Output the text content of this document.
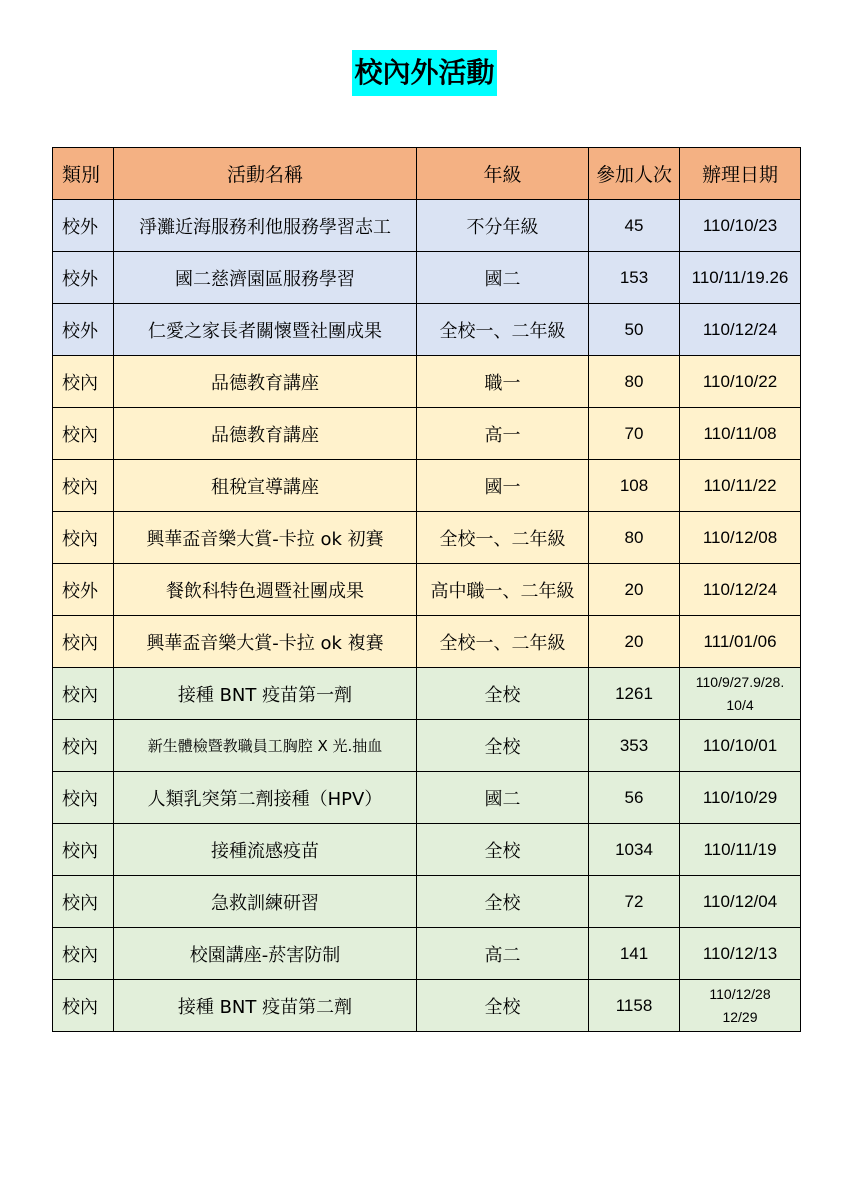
校內外活動
類別	活動名稱	年級	參加人次	辦理日期
校外	淨灘近海服務利他服務學習志工	不分年級	45	110/10/23
校外	國二慈濟園區服務學習	國二	153	110/11/19.26
校外	仁愛之家長者關懷暨社團成果	全校一、二年級	50	110/12/24
校內	品德教育講座	職一	80	110/10/22
校內	品德教育講座	高一	70	110/11/08
校內	租稅宣導講座	國一	108	110/11/22
校內	興華盃音樂大賞-卡拉 ok 初賽	全校一、二年級	80	110/12/08
校外	餐飲科特色週暨社團成果	高中職一、二年級	20	110/12/24
校內	興華盃音樂大賞-卡拉 ok 複賽	全校一、二年級	20	111/01/06
校內	接種 BNT 疫苗第一劑	全校	1261	110/9/27.9/28.
10/4

校內	新生體檢暨教職員工胸腔 X 光.抽血	全校	353	110/10/01
校內	人類乳突第二劑接種（HPV）	國二	56	110/10/29
校內	接種流感疫苗	全校	1034	110/11/19
校內	急救訓練研習	全校	72	110/12/04
校內	校園講座-菸害防制	高二	141	110/12/13
校內	接種 BNT 疫苗第二劑	全校	1158	110/12/28
12/29
